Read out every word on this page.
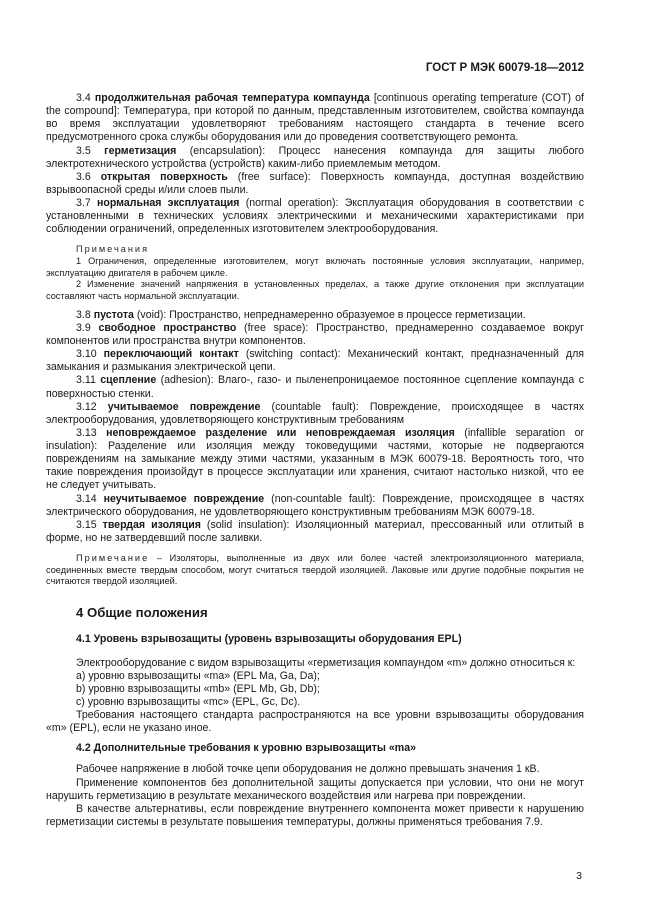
ГОСТ Р МЭК 60079-18—2012

3.4 продолжительная рабочая температура компаунда [continuous operating temperature (COT) of the compound]: Температура, при которой по данным, представленным изготовителем, свойства компаунда во время эксплуатации удовлетворяют требованиям настоящего стандарта в течение всего предусмотренного срока службы оборудования или до проведения соответствующего ремонта.

3.5 герметизация (encapsulation): Процесс нанесения компаунда для защиты любого электротехнического устройства (устройств) каким-либо приемлемым методом.

3.6 открытая поверхность (free surface): Поверхность компаунда, доступная воздействию взрывоопасной среды и/или слоев пыли.

3.7 нормальная эксплуатация (normal operation): Эксплуатация оборудования в соответствии с установленными в технических условиях электрическими и механическими характеристиками при соблюдении ограничений, определенных изготовителем электрооборудования.

Примечания

1 Ограничения, определенные изготовителем, могут включать постоянные условия эксплуатации, например, эксплуатацию двигателя в рабочем цикле.

2 Изменение значений напряжения в установленных пределах, а также другие отклонения при эксплуатации составляют часть нормальной эксплуатации.

3.8 пустота (void): Пространство, непреднамеренно образуемое в процессе герметизации.

3.9 свободное пространство (free space): Пространство, преднамеренно создаваемое вокруг компонентов или пространства внутри компонентов.

3.10 переключающий контакт (switching contact): Механический контакт, предназначенный для замыкания и размыкания электрической цепи.

3.11 сцепление (adhesion): Влаго-, газо- и пыленепроницаемое постоянное сцепление компаунда с поверхностью стенки.

3.12 учитываемое повреждение (countable fault): Повреждение, происходящее в частях электрооборудования, удовлетворяющего конструктивным требованиям

3.13 неповреждаемое разделение или неповреждаемая изоляция (infallible separation or insulation): Разделение или изоляция между токоведущими частями, которые не подвергаются повреждениям на замыкание между этими частями, указанным в МЭК 60079-18. Вероятность того, что такие повреждения произойдут в процессе эксплуатации или хранения, считают настолько низкой, что ее не следует учитывать.

3.14 неучитываемое повреждение (non-countable fault): Повреждение, происходящее в частях электрического оборудования, не удовлетворяющего конструктивным требованиям МЭК 60079-18.

3.15 твердая изоляция (solid insulation): Изоляционный материал, прессованный или отлитый в форме, но не затвердевший после заливки.

Примечание – Изоляторы, выполненные из двух или более частей электроизоляционного материала, соединенных вместе твердым способом, могут считаться твердой изоляцией. Лаковые или другие подобные покрытия не считаются твердой изоляцией.

4 Общие положения

4.1 Уровень взрывозащиты (уровень взрывозащиты оборудования EPL)

Электрооборудование с видом взрывозащиты «герметизация компаундом «m» должно относиться к:

a) уровню взрывозащиты «ma» (EPL Ma, Ga, Da);

b) уровню взрывозащиты «mb» (EPL Mb, Gb, Db);

c) уровню взрывозащиты «mc» (EPL, Gc, Dc).

Требования настоящего стандарта распространяются на все уровни взрывозащиты оборудования «m» (EPL), если не указано иное.

4.2 Дополнительные требования к уровню взрывозащиты «ma»

Рабочее напряжение в любой точке цепи оборудования не должно превышать значения 1 кВ.

Применение компонентов без дополнительной защиты допускается при условии, что они не могут нарушить герметизацию в результате механического воздействия или нагрева при повреждении.

В качестве альтернативы, если повреждение внутреннего компонента может привести к нарушению герметизации системы в результате повышения температуры, должны применяться требования 7.9.

3
